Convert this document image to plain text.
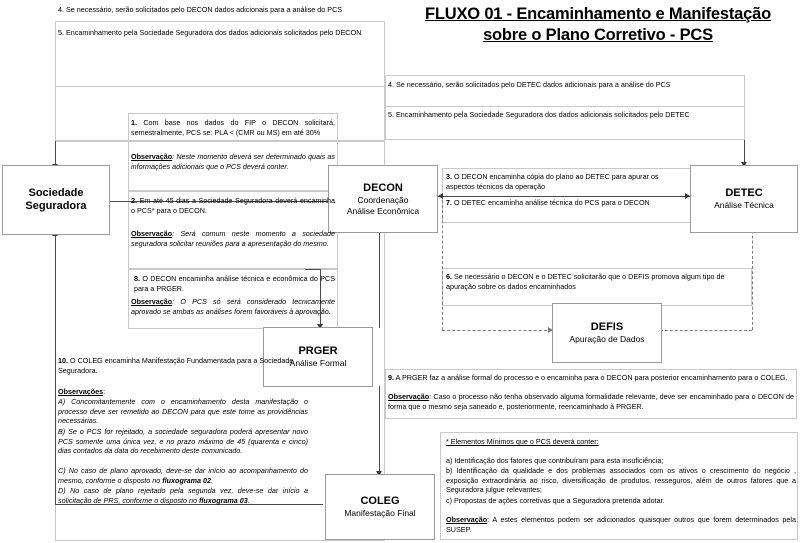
FLUXO 01 - Encaminhamento e Manifestação
sobre o Plano Corretivo - PCS
Sociedade
Seguradora
DECON
Coordenação
Análise Econômica
DETEC
Análise Técnica
DEFIS
Apuração de Dados
PRGER
Análise Formal
COLEG
Manifestação Final
4. Se necessário, serão solicitados pelo DECON dados adicionais para a análise do PCS
5. Encaminhamento pela Sociedade Seguradora dos dados adicionais solicitados pelo DECON
4. Se necessário, serão solicitados pelo DETEC dados adicionais para a análise do PCS
5. Encaminhamento pela Sociedade Seguradora dos dados adicionais solicitados pelo DETEC
1. Com base nos dados do FIP o DECON solicitará, semestralmente, PCS se: PLA < (CMR ou MS) em até 30%
Observação: Neste momento deverá ser determinado quais as informações adicionais que o PCS deverá conter.
2. Em até 45 dias a Sociedade Seguradora deverá encaminha o PCS* para o DECON.
Observação: Será comum neste momento a sociedade seguradora solicitar reuniões para a apresentação do mesmo.
8. O DECON encaminha análise técnica e econômica do PCS para a PRGER.
Observação: O PCS só será considerado tecnicamente aprovado se ambas as análises forem favoráveis à aprovação.
3. O DECON encaminha cópia do plano ao DETEC para apurar os aspectos técnicos da operação
7. O DETEC encaminha análise técnica do PCS para o DECON
6. Se necessário o DECON e o DETEC solicitarão que o DEFIS promova algum tipo de apuração sobre os dados encaminhados
9. A PRGER faz a análise formal do processo e o encaminha para o DECON para posterior encaminhamento para o COLEG.
Observação: Caso o processo não tenha observado alguma formalidade relevante, deve ser encaminhado para o DECON de forma que o mesmo seja saneado e, posteriormente, reencaminhado à PRGER.
10. O COLEG encaminha Manifestação Fundamentada para a Sociedade Seguradora.
Observações:
A) Concomitantemente com o encaminhamento desta manifestação o processo deve ser remetido ao DECON para que este tome as providências necessárias.
B) Se o PCS for rejeitado, a sociedade seguradora poderá apresentar novo PCS somente uma única vez, e no prazo máximo de 45 (quarenta e cinco) dias contados da data do recebimento deste comunicado.
C) No caso de plano aprovado, deve-se dar início ao acompanhamento do mesmo, conforme o disposto no fluxograma 02.
D) No caso de plano rejeitado pela segunda vez, deve-se dar início a solicitação de PRS, conforme o disposto no fluxograma 03.
* Elementos Mínimos que o PCS deverá conter:
a) Identificação dos fatores que contribuíram para esta insuficiência;
b) Identificação da qualidade e dos problemas associados com os ativos o crescimento do negócio , exposição extraordinária ao risco, diversificação de produtos, resseguros, além de outros fatores que a Seguradora julgue relevantes;
c) Propostas de ações corretivas que a Seguradora pretenda adotar.
Observação: A estes elementos podem ser adicionados quaisquer outros que forem determinados pela SUSEP.
